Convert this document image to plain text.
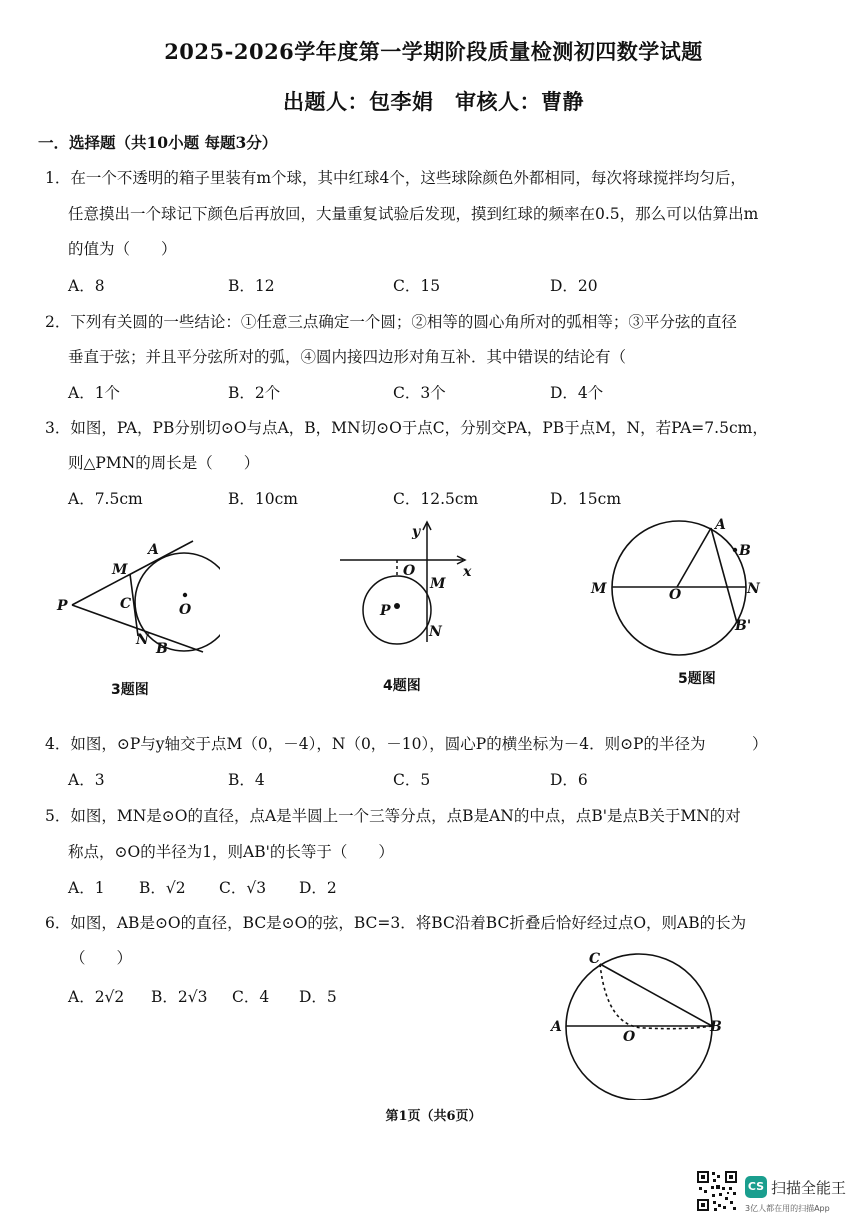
2025-2026学年度第一学期阶段质量检测初四数学试题
出题人：包李娟　审核人：曹静
一．选择题（共10小题 每题3分）
1．在一个不透明的箱子里装有m个球，其中红球4个，这些球除颜色外都相同，每次将球搅拌均匀后，
任意摸出一个球记下颜色后再放回，大量重复试验后发现，摸到红球的频率在0.5，那么可以估算出m
的值为（　　）
A．8	B．12	C．15	D．20
2．下列有关圆的一些结论：①任意三点确定一个圆；②相等的圆心角所对的弧相等；③平分弦的直径
垂直于弦；并且平分弦所对的弧，④圆内接四边形对角互补．其中错误的结论有（
A．1个	B．2个	C．3个	D．4个
3．如图，PA，PB分别切⊙O与点A，B，MN切⊙O于点C，分别交PA，PB于点M，N，若PA=7.5cm，
则△PMN的周长是（　　）
A．7.5cm	B．10cm	C．12.5cm	D．15cm
P
M
A
C	O
N
B
3题图
y
x
O
M
P
N
4题图
A
B
M	O	N
B'
5题图
4．如图，⊙P与y轴交于点M（0，－4），N（0，－10），圆心P的横坐标为－4．则⊙P的半径为　　　）
A．3	B．4	C．5	D．6
5．如图，MN是⊙O的直径，点A是半圆上一个三等分点，点B是AN的中点，点B'是点B关于MN的对
称点，⊙O的半径为1，则AB'的长等于（　　）
A．1 B．√2 C．√3 D．2
6．如图，AB是⊙O的直径，BC是⊙O的弦，BC=3．将BC沿着BC折叠后恰好经过点O，则AB的长为
（　　）
A．2√2 B．2√3 C．4 D．5
C
A
O
B
第1页（共6页）
CS 扫描全能王
3亿人都在用的扫描App
